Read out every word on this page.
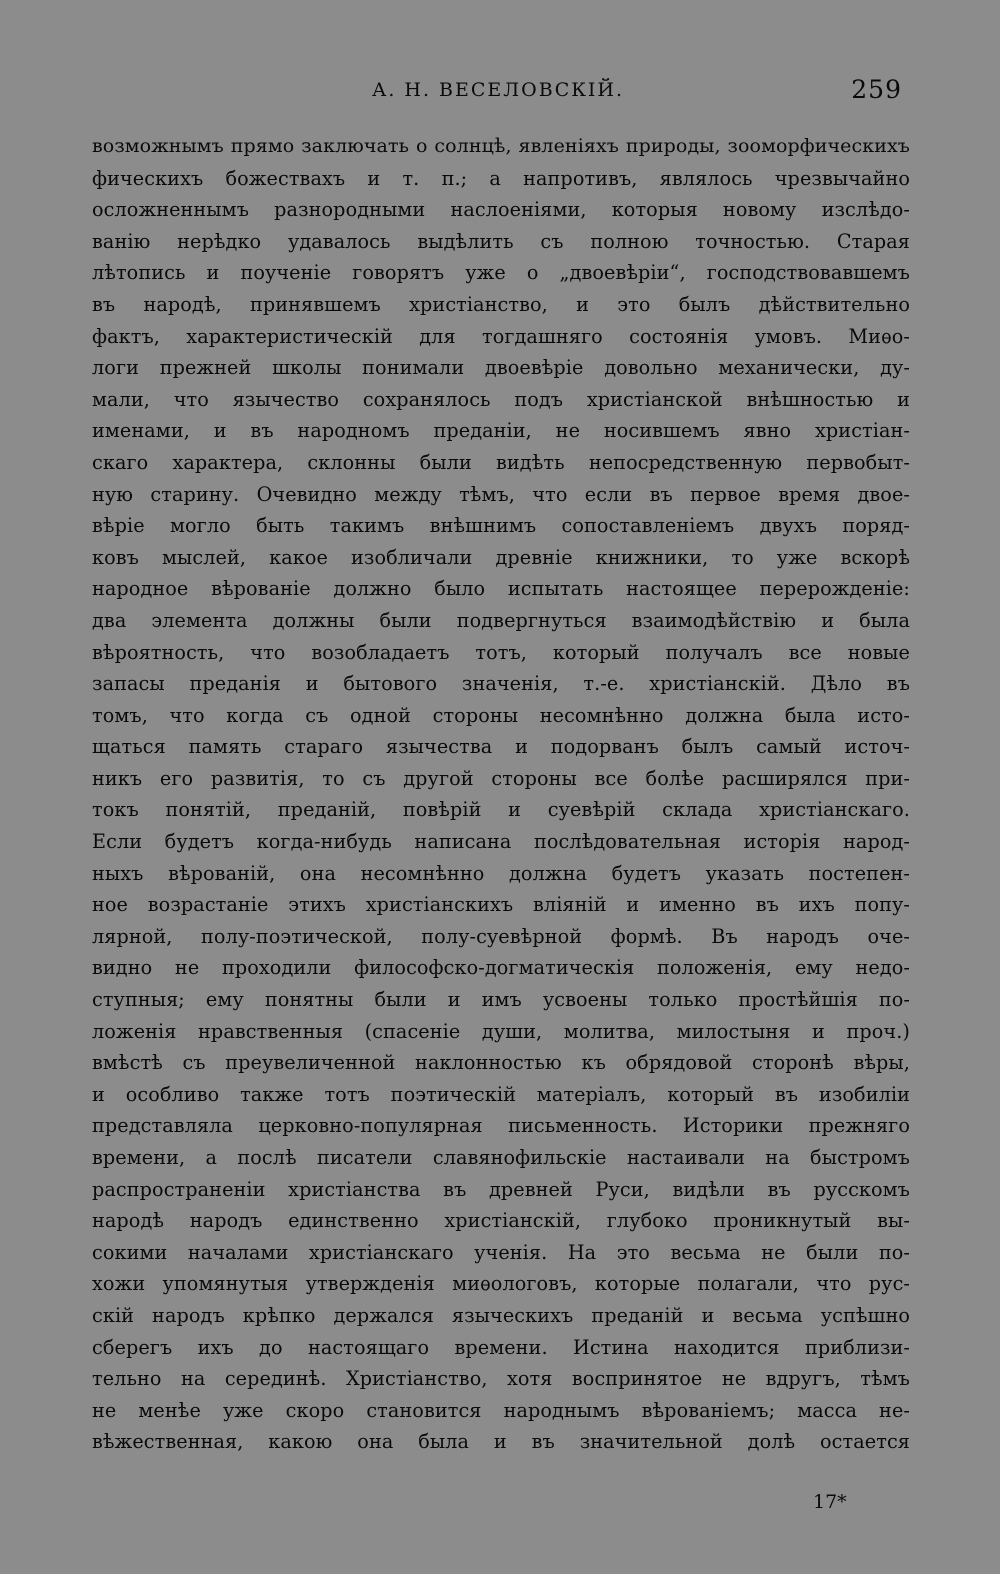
А. Н. ВЕСЕЛОВСКІЙ.	259
возможнымъ прямо заключать о солнцѣ, явленіяхъ природы, зооморфическихъ
фическихъ божествахъ и т. п.; а напротивъ, являлось чрезвычайно
осложненнымъ разнородными наслоеніями, которыя новому изслѣдо-
ванію нерѣдко удавалось выдѣлить съ полною точностью. Старая
лѣтопись и поученіе говорятъ уже о „двоевѣріи“, господствовавшемъ
въ народѣ, принявшемъ христіанство, и это былъ дѣйствительно
фактъ, характеристическій для тогдашняго состоянія умовъ. Миѳо-
логи прежней школы понимали двоевѣріе довольно механически, ду-
мали, что язычество сохранялось подъ христіанской внѣшностью и
именами, и въ народномъ преданіи, не носившемъ явно христіан-
скаго характера, склонны были видѣть непосредственную первобыт-
ную старину. Очевидно между тѣмъ, что если въ первое время двое-
вѣріе могло быть такимъ внѣшнимъ сопоставленіемъ двухъ поряд-
ковъ мыслей, какое изобличали древніе книжники, то уже вскорѣ
народное вѣрованіе должно было испытать настоящее перерожденіе:
два элемента должны были подвергнуться взаимодѣйствію и была
вѣроятность, что возобладаетъ тотъ, который получалъ все новые
запасы преданія и бытового значенія, т.-е. христіанскій. Дѣло въ
томъ, что когда съ одной стороны несомнѣнно должна была исто-
щаться память стараго язычества и подорванъ былъ самый источ-
никъ его развитія, то съ другой стороны все болѣе расширялся при-
токъ понятій, преданій, повѣрій и суевѣрій склада христіанскаго.
Если будетъ когда-нибудь написана послѣдовательная исторія народ-
ныхъ вѣрованій, она несомнѣнно должна будетъ указать постепен-
ное возрастаніе этихъ христіанскихъ вліяній и именно въ ихъ попу-
лярной, полу-поэтической, полу-суевѣрной формѣ. Въ народъ оче-
видно не проходили философско-догматическія положенія, ему недо-
ступныя; ему понятны были и имъ усвоены только простѣйшія по-
ложенія нравственныя (спасеніе души, молитва, милостыня и проч.)
вмѣстѣ съ преувеличенной наклонностью къ обрядовой сторонѣ вѣры,
и особливо также тотъ поэтическій матеріалъ, который въ изобиліи
представляла церковно-популярная письменность. Историки прежняго
времени, а послѣ писатели славянофильскіе настаивали на быстромъ
распространеніи христіанства въ древней Руси, видѣли въ русскомъ
народѣ народъ единственно христіанскій, глубоко проникнутый вы-
сокими началами христіанскаго ученія. На это весьма не были по-
хожи упомянутыя утвержденія миѳологовъ, которые полагали, что рус-
скій народъ крѣпко держался языческихъ преданій и весьма успѣшно
сберегъ ихъ до настоящаго времени. Истина находится приблизи-
тельно на серединѣ. Христіанство, хотя воспринятое не вдругъ, тѣмъ
не менѣе уже скоро становится народнымъ вѣрованіемъ; масса не-
вѣжественная, какою она была и въ значительной долѣ остается
17*
